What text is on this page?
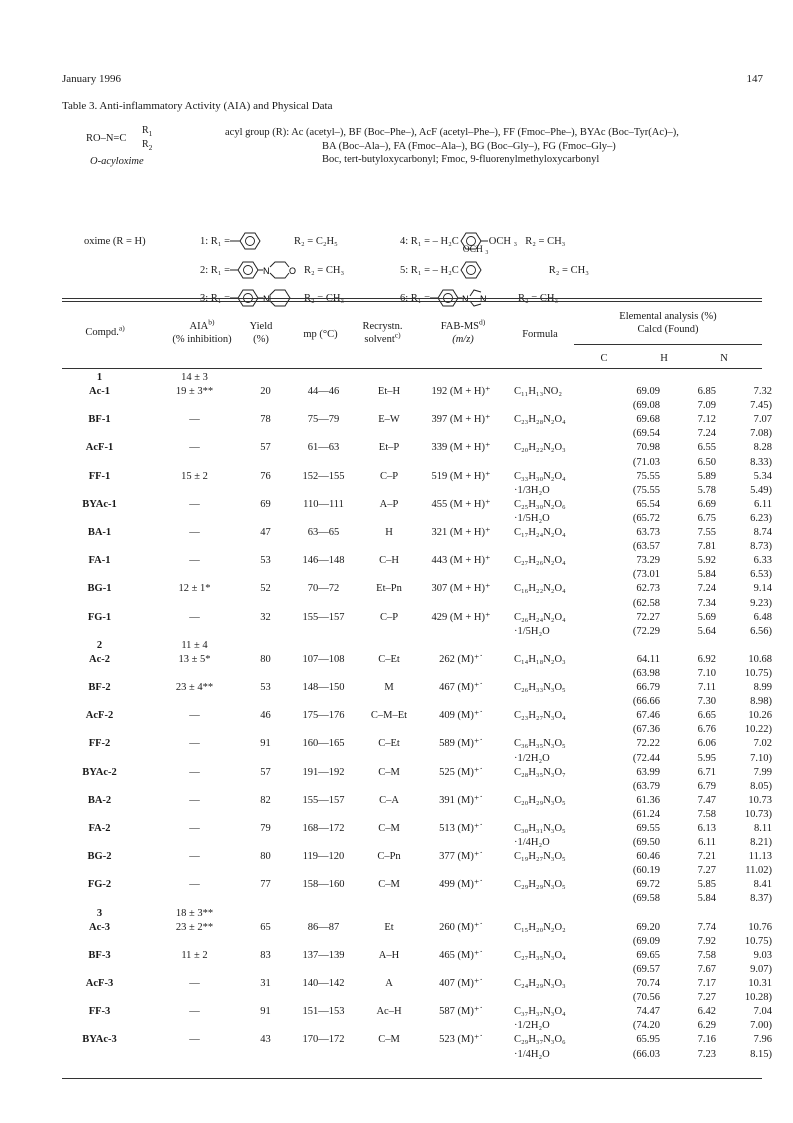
January 1996	147
Table 3. Anti-inflammatory Activity (AIA) and Physical Data
RO–N=C
$R_1$
$R_2$
O-acyloxime
acyl group (R): Ac (acetyl–), BF (Boc–Phe–), AcF (acetyl–Phe–), FF (Fmoc–Phe–), BYAc (Boc–Tyr(Ac)–),
BA (Boc–Ala–), FA (Fmoc–Ala–), BG (Boc–Gly–), FG (Fmoc–Gly–)
Boc, tert-butyloxycarbonyl; Fmoc, 9-fluorenylmethyloxycarbonyl
oxime (R = H)	1 : R₁ =	R₂ = C₂H₅
2 : R₁ =	N O R₂ = CH₃
3 : R₁ =	N	R₂ = CH₃
4 : R₁ = – H₂C	OCH ₃ R₂ = CH₃
5 : R₁ = – H₂C
OCH ₃
R₂ = CH₃
6 : R₁ =	N N	R₂ = CH₃
Compd.$^{a)}$	AIA$^{b)}$
(% inhibition)
Yield
(%)	mp (°C)
Recrystn.
solvent$^{c)}$
FAB-MS$^{d)}$
(m/z)	Formula
Elemental analysis (%)
Calcd (Found)
C	H	N
1	14 ± 3								
Ac-1	19 ± 3**	20	44—46	Et–H	192 (M + H)⁺	C₁₁H₁₃NO₂	69.09	6.85	7.32
							(69.08	7.09	7.45)
BF-1	—	78	75—79	E–W	397 (M + H)⁺	C₂₃H₂₈N₂O₄	69.68	7.12	7.07
							(69.54	7.24	7.08)
AcF-1	—	57	61—63	Et–P	339 (M + H)⁺	C₂₀H₂₂N₂O₃	70.98	6.55	8.28
							(71.03	6.50	8.33)
FF-1	15 ± 2	76	152—155	C–P	519 (M + H)⁺	C₃₃H₃₀N₂O₄	75.55	5.89	5.34
						·1/3H₂O	(75.55	5.78	5.49)
BYAc-1	—	69	110—111	A–P	455 (M + H)⁺	C₂₅H₃₀N₂O₆	65.54	6.69	6.11
						·1/5H₂O	(65.72	6.75	6.23)
BA-1	—	47	63—65	H	321 (M + H)⁺	C₁₇H₂₄N₂O₄	63.73	7.55	8.74
							(63.57	7.81	8.73)
FA-1	—	53	146—148	C–H	443 (M + H)⁺	C₂₇H₂₆N₂O₄	73.29	5.92	6.33
							(73.01	5.84	6.53)
BG-1	12 ± 1*	52	70—72	Et–Pn	307 (M + H)⁺	C₁₆H₂₂N₂O₄	62.73	7.24	9.14
							(62.58	7.34	9.23)
FG-1	—	32	155—157	C–P	429 (M + H)⁺	C₂₆H₂₄N₂O₄	72.27	5.69	6.48
						·1/5H₂O	(72.29	5.64	6.56)
2	11 ± 4								
Ac-2	13 ± 5*	80	107—108	C–Et	262 (M)⁺˙	C₁₄H₁₈N₂O₃	64.11	6.92	10.68
							(63.98	7.10	10.75)
BF-2	23 ± 4**	53	148—150	M	467 (M)⁺˙	C₂₆H₃₃N₃O₅	66.79	7.11	8.99
							(66.66	7.30	8.98)
AcF-2	—	46	175—176	C–M–Et	409 (M)⁺˙	C₂₃H₂₇N₃O₄	67.46	6.65	10.26
							(67.36	6.76	10.22)
FF-2	—	91	160—165	C–Et	589 (M)⁺˙	C₃₆H₃₅N₃O₅	72.22	6.06	7.02
						·1/2H₂O	(72.44	5.95	7.10)
BYAc-2	—	57	191—192	C–M	525 (M)⁺˙	C₂₈H₃₅N₃O₇	63.99	6.71	7.99
							(63.79	6.79	8.05)
BA-2	—	82	155—157	C–A	391 (M)⁺˙	C₂₀H₂₉N₃O₅	61.36	7.47	10.73
							(61.24	7.58	10.73)
FA-2	—	79	168—172	C–M	513 (M)⁺˙	C₃₀H₃₁N₃O₅	69.55	6.13	8.11
						·1/4H₂O	(69.50	6.11	8.21)
BG-2	—	80	119—120	C–Pn	377 (M)⁺˙	C₁₉H₂₇N₃O₅	60.46	7.21	11.13
							(60.19	7.27	11.02)
FG-2	—	77	158—160	C–M	499 (M)⁺˙	C₂₉H₂₉N₃O₅	69.72	5.85	8.41
							(69.58	5.84	8.37)
3	18 ± 3**								
Ac-3	23 ± 2**	65	86—87	Et	260 (M)⁺˙	C₁₅H₂₀N₂O₂	69.20	7.74	10.76
							(69.09	7.92	10.75)
BF-3	11 ± 2	83	137—139	A–H	465 (M)⁺˙	C₂₇H₃₅N₃O₄	69.65	7.58	9.03
							(69.57	7.67	9.07)
AcF-3	—	31	140—142	A	407 (M)⁺˙	C₂₄H₂₉N₃O₃	70.74	7.17	10.31
							(70.56	7.27	10.28)
FF-3	—	91	151—153	Ac–H	587 (M)⁺˙	C₃₇H₃₇N₃O₄	74.47	6.42	7.04
						·1/2H₂O	(74.20	6.29	7.00)
BYAc-3	—	43	170—172	C–M	523 (M)⁺˙	C₂₉H₃₇N₃O₆	65.95	7.16	7.96
						·1/4H₂O	(66.03	7.23	8.15)
